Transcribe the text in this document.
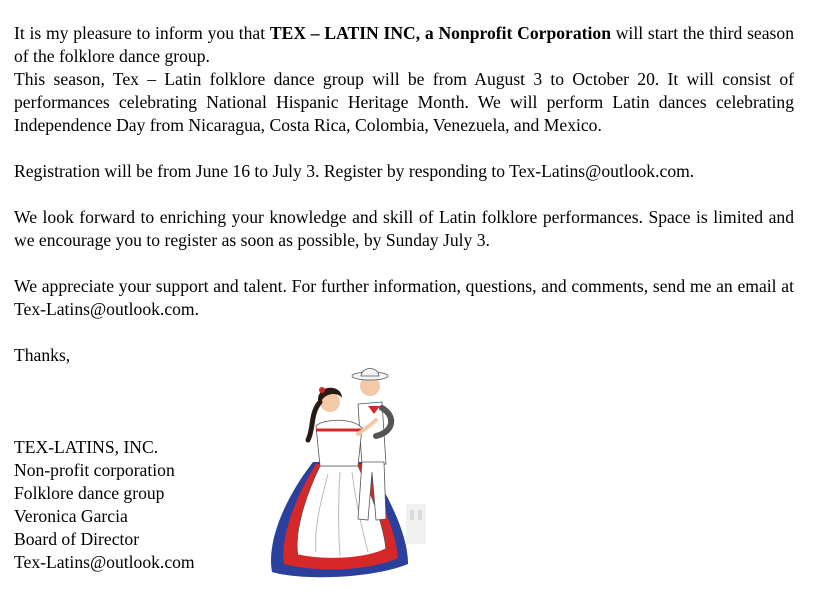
It is my pleasure to inform you that TEX – LATIN INC, a Nonprofit Corporation will start the third season of the folklore dance group.

This season, Tex – Latin folklore dance group will be from August 3 to October 20. It will consist of performances celebrating National Hispanic Heritage Month. We will perform Latin dances celebrating Independence Day from Nicaragua, Costa Rica, Colombia, Venezuela, and Mexico.

Registration will be from June 16 to July 3. Register by responding to Tex-Latins@outlook.com.

We look forward to enriching your knowledge and skill of Latin folklore performances. Space is limited and we encourage you to register as soon as possible, by Sunday July 3.

We appreciate your support and talent. For further information, questions, and comments, send me an email at Tex-Latins@outlook.com.

Thanks,

TEX-LATINS, INC.
Non-profit corporation
Folklore dance group
Veronica Garcia
Board of Director
Tex-Latins@outlook.com
